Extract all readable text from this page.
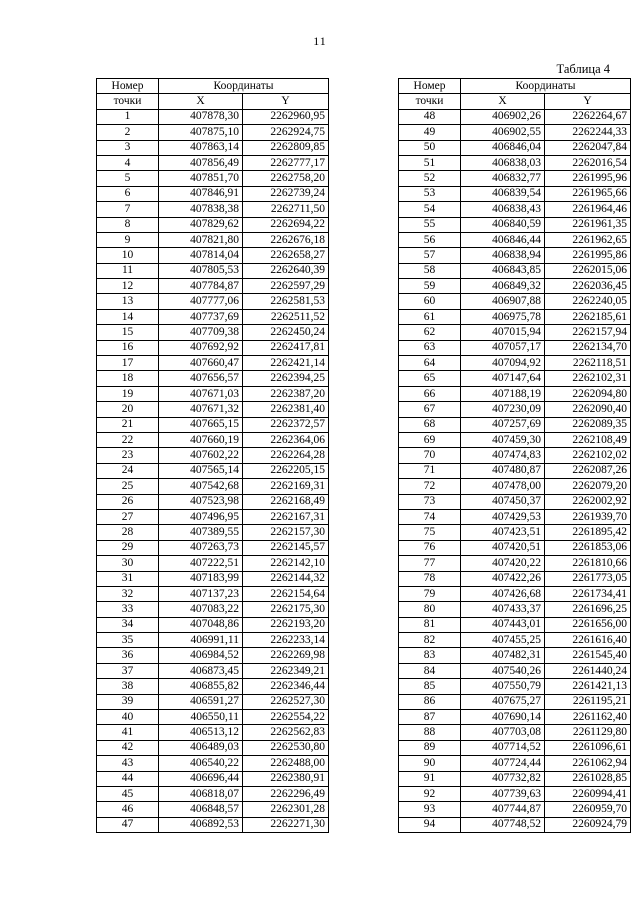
11
Таблица 4
Номер	Координаты	
точки	X	Y
1	407878,30	2262960,95
2	407875,10	2262924,75
3	407863,14	2262809,85
4	407856,49	2262777,17
5	407851,70	2262758,20
6	407846,91	2262739,24
7	407838,38	2262711,50
8	407829,62	2262694,22
9	407821,80	2262676,18
10	407814,04	2262658,27
11	407805,53	2262640,39
12	407784,87	2262597,29
13	407777,06	2262581,53
14	407737,69	2262511,52
15	407709,38	2262450,24
16	407692,92	2262417,81
17	407660,47	2262421,14
18	407656,57	2262394,25
19	407671,03	2262387,20
20	407671,32	2262381,40
21	407665,15	2262372,57
22	407660,19	2262364,06
23	407602,22	2262264,28
24	407565,14	2262205,15
25	407542,68	2262169,31
26	407523,98	2262168,49
27	407496,95	2262167,31
28	407389,55	2262157,30
29	407263,73	2262145,57
30	407222,51	2262142,10
31	407183,99	2262144,32
32	407137,23	2262154,64
33	407083,22	2262175,30
34	407048,86	2262193,20
35	406991,11	2262233,14
36	406984,52	2262269,98
37	406873,45	2262349,21
38	406855,82	2262346,44
39	406591,27	2262527,30
40	406550,11	2262554,22
41	406513,12	2262562,83
42	406489,03	2262530,80
43	406540,22	2262488,00
44	406696,44	2262380,91
45	406818,07	2262296,49
46	406848,57	2262301,28
47	406892,53	2262271,30
Номер	Координаты	
точки	X	Y
48	406902,26	2262264,67
49	406902,55	2262244,33
50	406846,04	2262047,84
51	406838,03	2262016,54
52	406832,77	2261995,96
53	406839,54	2261965,66
54	406838,43	2261964,46
55	406840,59	2261961,35
56	406846,44	2261962,65
57	406838,94	2261995,86
58	406843,85	2262015,06
59	406849,32	2262036,45
60	406907,88	2262240,05
61	406975,78	2262185,61
62	407015,94	2262157,94
63	407057,17	2262134,70
64	407094,92	2262118,51
65	407147,64	2262102,31
66	407188,19	2262094,80
67	407230,09	2262090,40
68	407257,69	2262089,35
69	407459,30	2262108,49
70	407474,83	2262102,02
71	407480,87	2262087,26
72	407478,00	2262079,20
73	407450,37	2262002,92
74	407429,53	2261939,70
75	407423,51	2261895,42
76	407420,51	2261853,06
77	407420,22	2261810,66
78	407422,26	2261773,05
79	407426,68	2261734,41
80	407433,37	2261696,25
81	407443,01	2261656,00
82	407455,25	2261616,40
83	407482,31	2261545,40
84	407540,26	2261440,24
85	407550,79	2261421,13
86	407675,27	2261195,21
87	407690,14	2261162,40
88	407703,08	2261129,80
89	407714,52	2261096,61
90	407724,44	2261062,94
91	407732,82	2261028,85
92	407739,63	2260994,41
93	407744,87	2260959,70
94	407748,52	2260924,79
